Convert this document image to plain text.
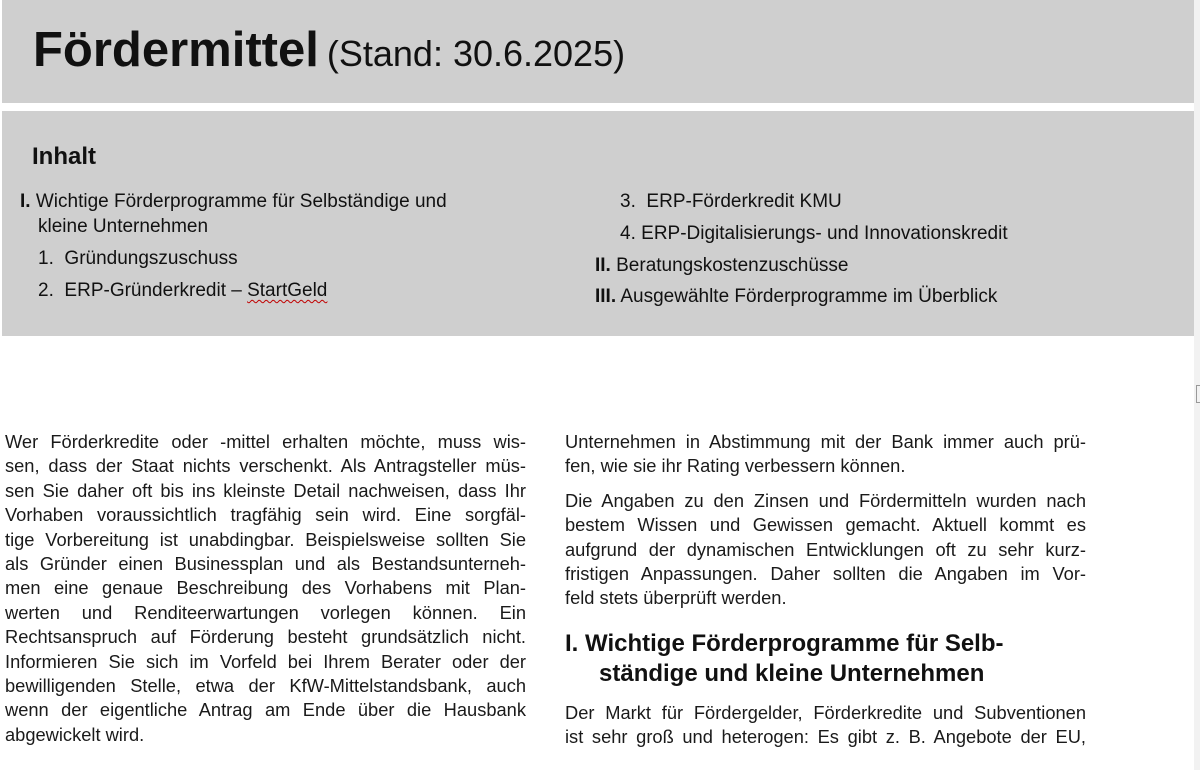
Fördermittel (Stand: 30.6.2025)
Inhalt
I. Wichtige Förderprogramme für Selbständige und
kleine Unternehmen
1. Gründungszuschuss
2. ERP-Gründerkredit – StartGeld
3. ERP-Förderkredit KMU
4. ERP-Digitalisierungs- und Innovationskredit
II. Beratungskostenzuschüsse
III. Ausgewählte Förderprogramme im Überblick
Wer Förderkredite oder -mittel erhalten möchte, muss wis-
sen, dass der Staat nichts verschenkt. Als Antragsteller müs-
sen Sie daher oft bis ins kleinste Detail nachweisen, dass Ihr
Vorhaben voraussichtlich tragfähig sein wird. Eine sorgfäl-
tige Vorbereitung ist unabdingbar. Beispielsweise sollten Sie
als Gründer einen Businessplan und als Bestandsunterneh-
men eine genaue Beschreibung des Vorhabens mit Plan-
werten und Renditeerwartungen vorlegen können. Ein
Rechtsanspruch auf Förderung besteht grundsätzlich nicht.
Informieren Sie sich im Vorfeld bei Ihrem Berater oder der
bewilligenden Stelle, etwa der KfW-Mittelstandsbank, auch
wenn der eigentliche Antrag am Ende über die Hausbank
abgewickelt wird.
Unternehmen in Abstimmung mit der Bank immer auch prü-
fen, wie sie ihr Rating verbessern können.
Die Angaben zu den Zinsen und Fördermitteln wurden nach
bestem Wissen und Gewissen gemacht. Aktuell kommt es
aufgrund der dynamischen Entwicklungen oft zu sehr kurz-
fristigen Anpassungen. Daher sollten die Angaben im Vor-
feld stets überprüft werden.
I. Wichtige Förderprogramme für Selb-
ständige und kleine Unternehmen
Der Markt für Fördergelder, Förderkredite und Subventionen
ist sehr groß und heterogen: Es gibt z. B. Angebote der EU,
